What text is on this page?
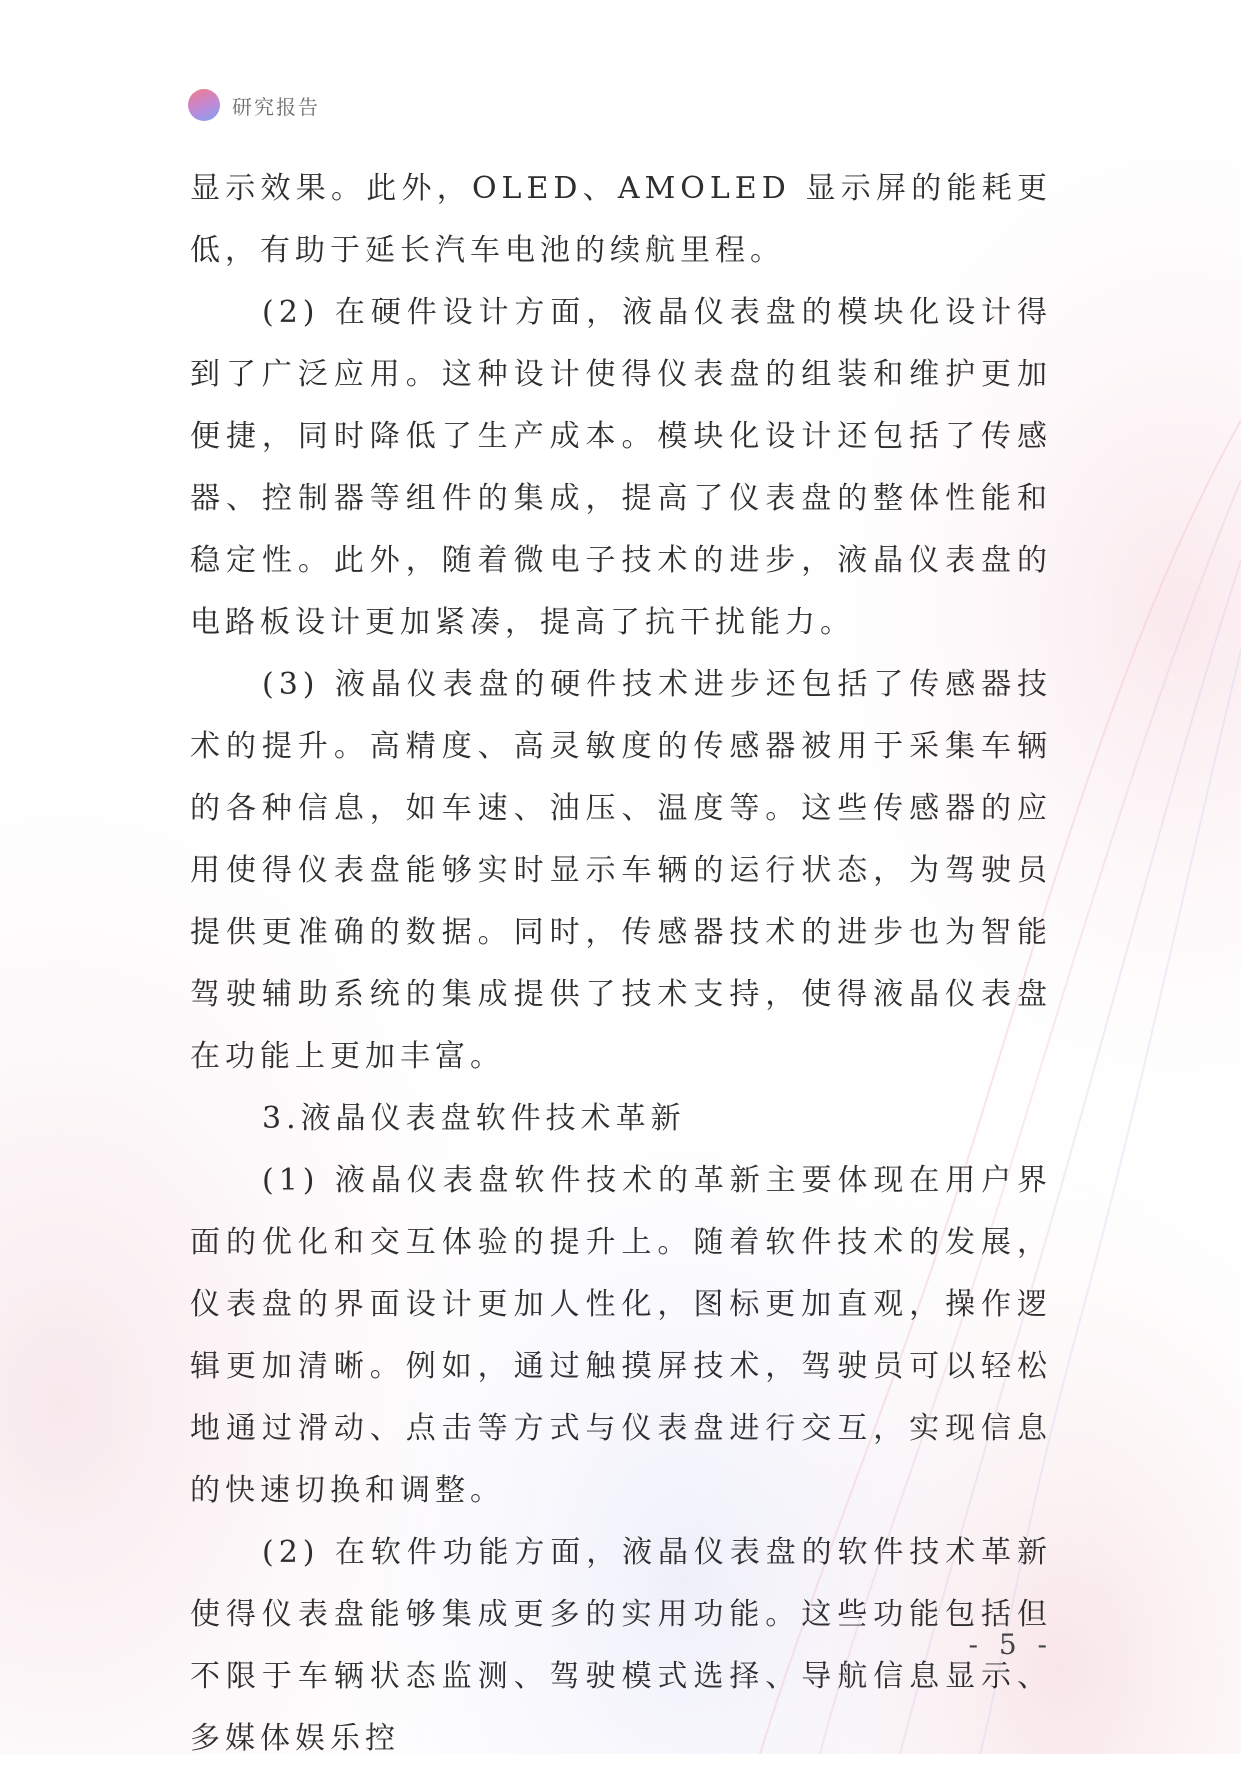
研究报告

显示效果。此外，OLED、AMOLED 显示屏的能耗更低，有助于延长汽车电池的续航里程。

(2) 在硬件设计方面，液晶仪表盘的模块化设计得到了广泛应用。这种设计使得仪表盘的组装和维护更加便捷，同时降低了生产成本。模块化设计还包括了传感器、控制器等组件的集成，提高了仪表盘的整体性能和稳定性。此外，随着微电子技术的进步，液晶仪表盘的电路板设计更加紧凑，提高了抗干扰能力。

(3) 液晶仪表盘的硬件技术进步还包括了传感器技术的提升。高精度、高灵敏度的传感器被用于采集车辆的各种信息，如车速、油压、温度等。这些传感器的应用使得仪表盘能够实时显示车辆的运行状态，为驾驶员提供更准确的数据。同时，传感器技术的进步也为智能驾驶辅助系统的集成提供了技术支持，使得液晶仪表盘在功能上更加丰富。

3.液晶仪表盘软件技术革新

(1) 液晶仪表盘软件技术的革新主要体现在用户界面的优化和交互体验的提升上。随着软件技术的发展，仪表盘的界面设计更加人性化，图标更加直观，操作逻辑更加清晰。例如，通过触摸屏技术，驾驶员可以轻松地通过滑动、点击等方式与仪表盘进行交互，实现信息的快速切换和调整。

(2) 在软件功能方面，液晶仪表盘的软件技术革新使得仪表盘能够集成更多的实用功能。这些功能包括但不限于车辆状态监测、驾驶模式选择、导航信息显示、多媒体娱乐控

- 5 -
